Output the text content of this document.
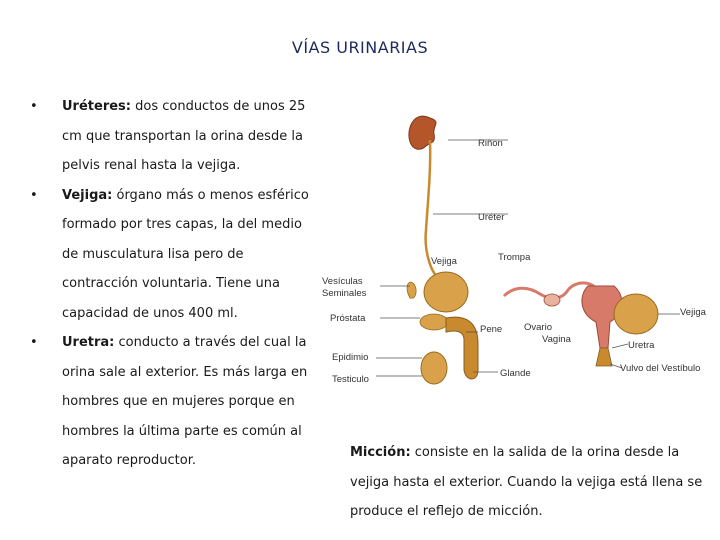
VÍAS URINARIAS
• Uréteres: dos conductos de unos 25 cm que transportan la orina desde la pelvis renal hasta la vejiga.
• Vejiga: órgano más o menos esférico formado por tres capas, la del medio de musculatura lisa pero de contracción voluntaria. Tiene una capacidad de unos 400 ml.
• Uretra: conducto a través del cual la orina sale al exterior. Es más larga en hombres que en mujeres porque en hombres la última parte es común al aparato reproductor.
Riñon
Uréter
Vejiga	Trompa
Vesículas
Seminales
Próstata
Pene Ovario
Vagina
Vejiga
Uretra
Epidimio
Testiculo
Glande	Vulvo del Vestíbulo
Micción: consiste en la salida de la orina desde la vejiga hasta el exterior. Cuando la vejiga está llena se produce el reflejo de micción.
